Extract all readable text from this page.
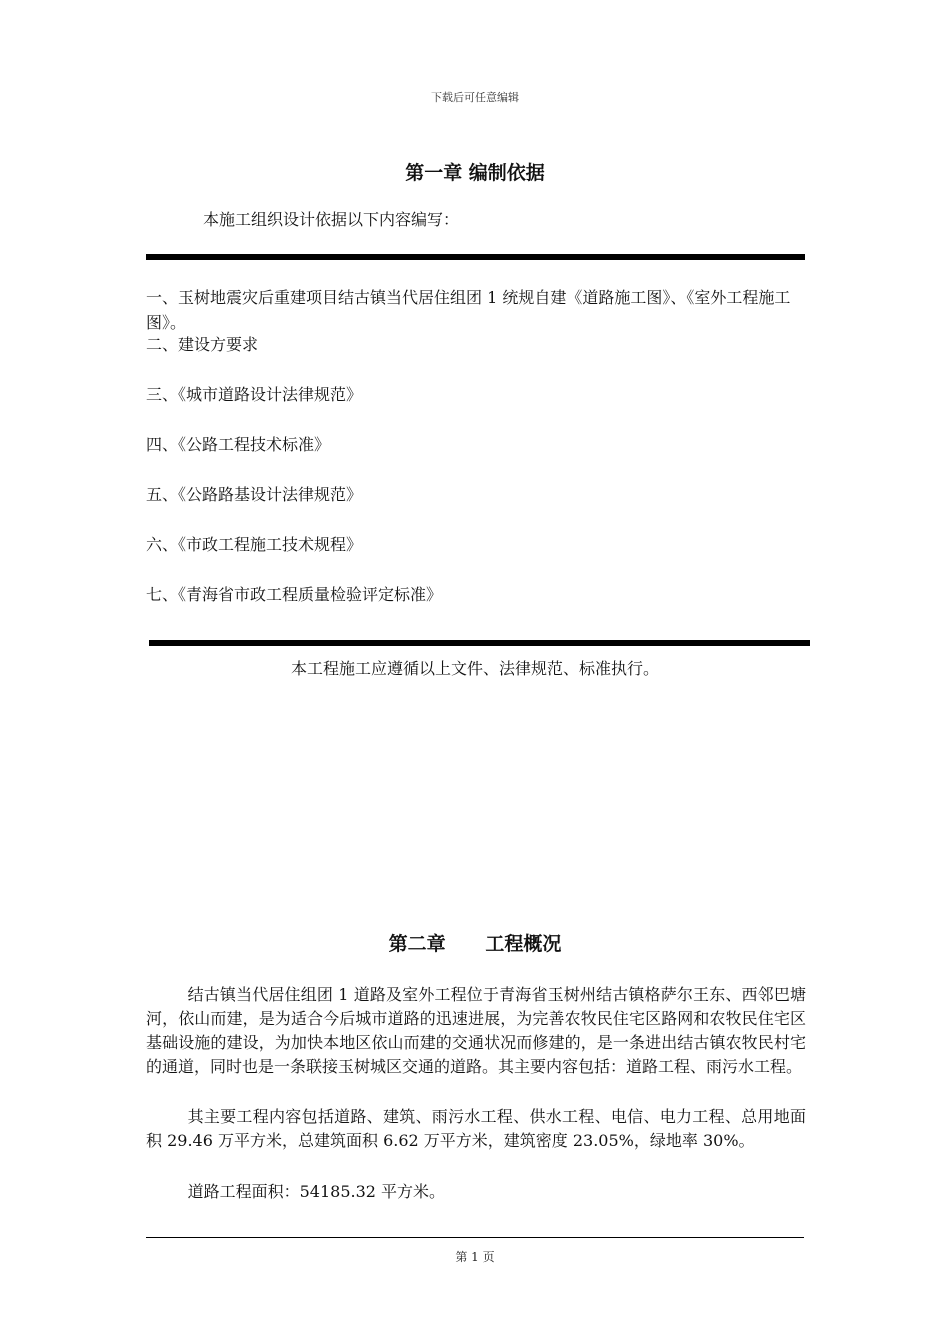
下载后可任意编辑
第一章 编制依据
本施工组织设计依据以下内容编写：
一、玉树地震灾后重建项目结古镇当代居住组团 1 统规自建《道路施工图》、《室外工程施工图》。
二、建设方要求
三、《城市道路设计法律规范》
四、《公路工程技术标准》
五、《公路路基设计法律规范》
六、《市政工程施工技术规程》
七、《青海省市政工程质量检验评定标准》
本工程施工应遵循以上文件、法律规范、标准执行。
第二章      工程概况
结古镇当代居住组团 1 道路及室外工程位于青海省玉树州结古镇格萨尔王东、西邻巴塘河，依山而建，是为适合今后城市道路的迅速进展，为完善农牧民住宅区路网和农牧民住宅区基础设施的建设，为加快本地区依山而建的交通状况而修建的，是一条进出结古镇农牧民村宅的通道，同时也是一条联接玉树城区交通的道路。其主要内容包括：道路工程、雨污水工程。
其主要工程内容包括道路、建筑、雨污水工程、供水工程、电信、电力工程、总用地面积 29.46 万平方米，总建筑面积 6.62 万平方米，建筑密度 23.05%，绿地率 30%。
道路工程面积：54185.32 平方米。
第 1 页
